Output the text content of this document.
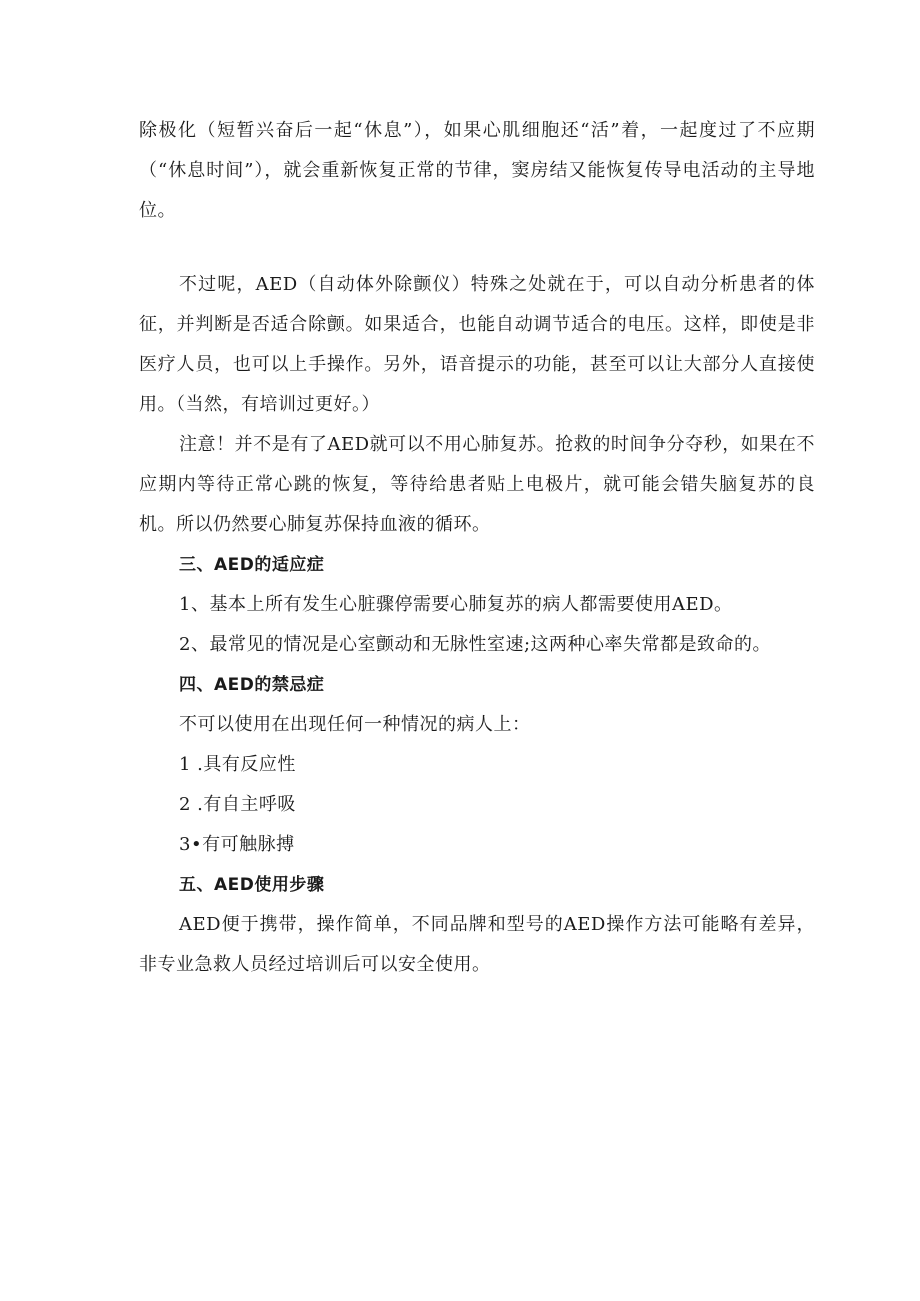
除极化（短暂兴奋后一起“休息”），如果心肌细胞还“活”着，一起度过了不应期（“休息时间”），就会重新恢复正常的节律，窦房结又能恢复传导电活动的主导地位。

不过呢，AED（自动体外除颤仪）特殊之处就在于，可以自动分析患者的体征，并判断是否适合除颤。如果适合，也能自动调节适合的电压。这样，即使是非医疗人员，也可以上手操作。另外，语音提示的功能，甚至可以让大部分人直接使用。（当然，有培训过更好。）

注意！并不是有了AED就可以不用心肺复苏。抢救的时间争分夺秒，如果在不应期内等待正常心跳的恢复，等待给患者贴上电极片，就可能会错失脑复苏的良机。所以仍然要心肺复苏保持血液的循环。

三、AED的适应症

1、基本上所有发生心脏骤停需要心肺复苏的病人都需要使用AED。

2、最常见的情况是心室颤动和无脉性室速;这两种心率失常都是致命的。

四、AED的禁忌症

不可以使用在出现任何一种情况的病人上：

1 .具有反应性

2 .有自主呼吸

3•有可触脉搏

五、AED使用步骤

AED便于携带，操作简单，不同品牌和型号的AED操作方法可能略有差异，非专业急救人员经过培训后可以安全使用。
